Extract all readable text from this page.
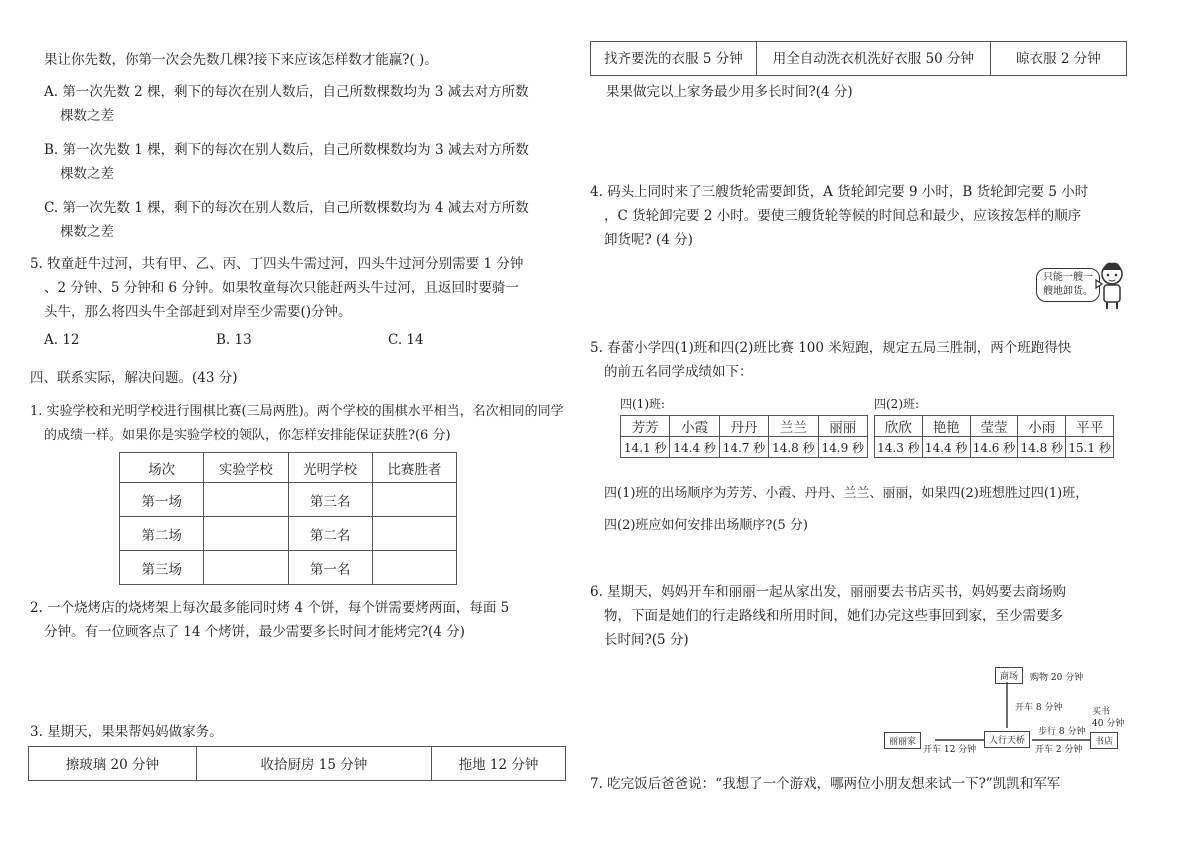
果让你先数，你第一次会先数几棵?接下来应该怎样数才能赢?( )。
A. 第一次先数 2 棵，剩下的每次在别人数后，自己所数棵数均为 3 减去对方所数
棵数之差
B. 第一次先数 1 棵，剩下的每次在别人数后，自己所数棵数均为 3 减去对方所数
棵数之差
C. 第一次先数 1 棵，剩下的每次在别人数后，自己所数棵数均为 4 减去对方所数
棵数之差
5. 牧童赶牛过河，共有甲、乙、丙、丁四头牛需过河，四头牛过河分别需要 1 分钟
、2 分钟、5 分钟和 6 分钟。如果牧童每次只能赶两头牛过河，且返回时要骑一
头牛，那么将四头牛全部赶到对岸至少需要()分钟。
A. 12	B. 13	C. 14
四、联系实际，解决问题。(43 分)
1. 实验学校和光明学校进行围棋比赛(三局两胜)。两个学校的围棋水平相当，名次相同的同学
的成绩一样。如果你是实验学校的领队，你怎样安排能保证获胜?(6 分)
场次	实验学校	光明学校	比赛胜者
第一场		第三名	
第二场		第二名	
第三场		第一名	
2. 一个烧烤店的烧烤架上每次最多能同时烤 4 个饼，每个饼需要烤两面，每面 5
分钟。有一位顾客点了 14 个烤饼，最少需要多长时间才能烤完?(4 分)
3. 星期天，果果帮妈妈做家务。
擦玻璃 20 分钟	收拾厨房 15 分钟	拖地 12 分钟
找齐要洗的衣服 5 分钟	用全自动洗衣机洗好衣服 50 分钟	晾衣服 2 分钟
果果做完以上家务最少用多长时间?(4 分)
4. 码头上同时来了三艘货轮需要卸货，A 货轮卸完要 9 小时，B 货轮卸完要 5 小时
，C 货轮卸完要 2 小时。要使三艘货轮等候的时间总和最少，应该按怎样的顺序
卸货呢? (4 分)
只能一艘一
艘地卸货。
5. 春蕾小学四(1)班和四(2)班比赛 100 米短跑，规定五局三胜制，两个班跑得快
的前五名同学成绩如下：
四(1)班:
芳芳	小霞	丹丹	兰兰	丽丽
14.1 秒	14.4 秒	14.7 秒	14.8 秒	14.9 秒
四(2)班:
欣欣	艳艳	莹莹	小雨	平平
14.3 秒	14.4 秒	14.6 秒	14.8 秒	15.1 秒
四(1)班的出场顺序为芳芳、小霞、丹丹、兰兰、丽丽，如果四(2)班想胜过四(1)班，
四(2)班应如何安排出场顺序?(5 分)
6. 星期天，妈妈开车和丽丽一起从家出发，丽丽要去书店买书，妈妈要去商场购
物，下面是她们的行走路线和所用时间，她们办完这些事回到家，至少需要多
长时间?(5 分)
商场	购物 20 分钟
开车 8 分钟	买书
40 分钟
步行 8 分钟
丽丽家	人行天桥	书店
开车 12 分钟	开车 2 分钟
7. 吃完饭后爸爸说：“我想了一个游戏，哪两位小朋友想来试一下?”凯凯和军军
